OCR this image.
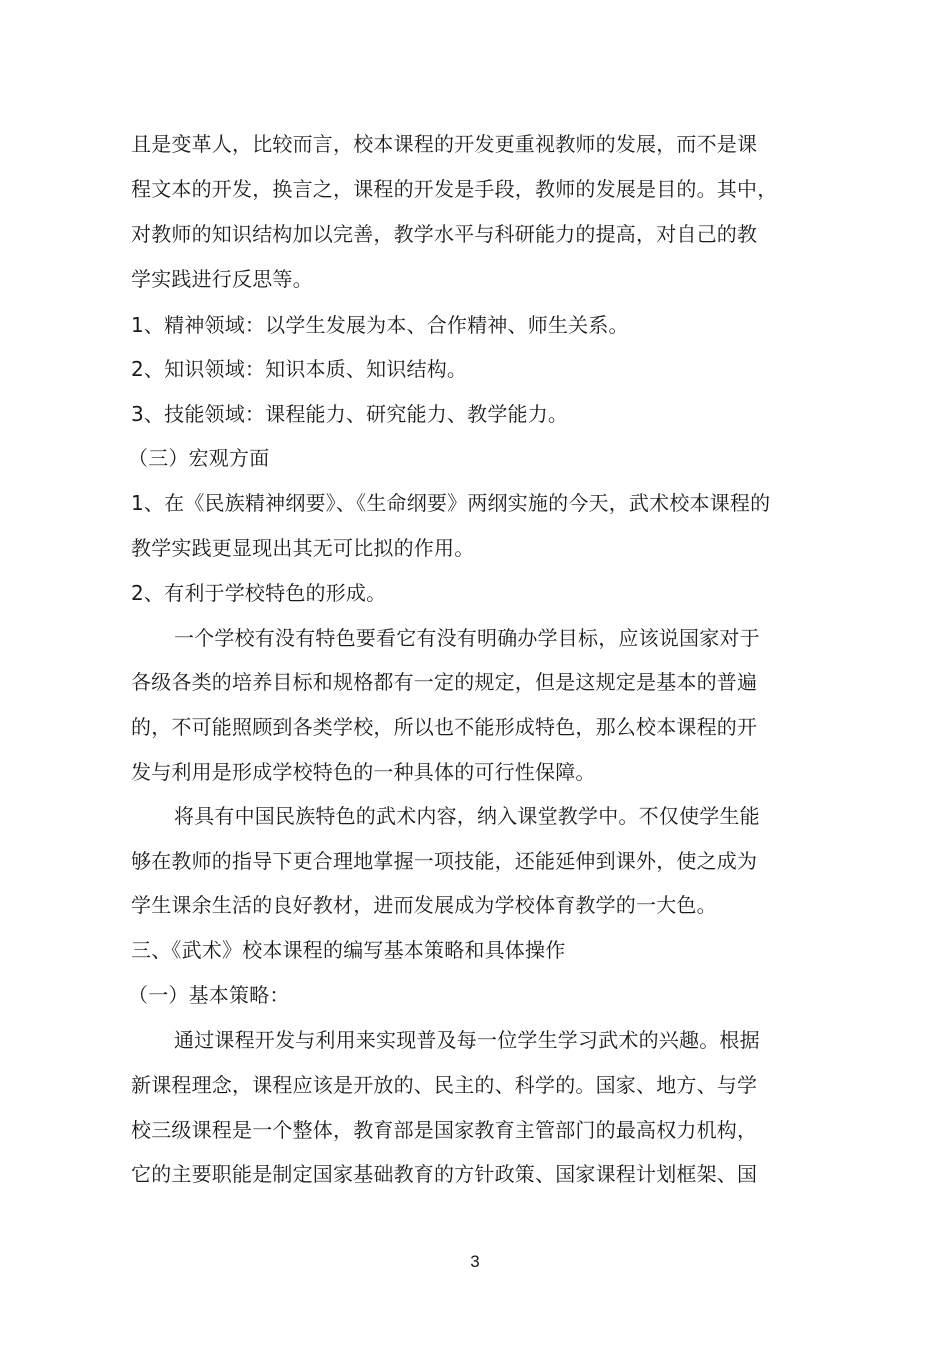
且是变革人，比较而言，校本课程的开发更重视教师的发展，而不是课
程文本的开发，换言之，课程的开发是手段，教师的发展是目的。其中，
对教师的知识结构加以完善，教学水平与科研能力的提高，对自己的教
学实践进行反思等。
1、精神领域：以学生发展为本、合作精神、师生关系。
2、知识领域：知识本质、知识结构。
3、技能领域：课程能力、研究能力、教学能力。
（三）宏观方面
1、在《民族精神纲要》、《生命纲要》两纲实施的今天，武术校本课程的
教学实践更显现出其无可比拟的作用。
2、有利于学校特色的形成。
一个学校有没有特色要看它有没有明确办学目标，应该说国家对于
各级各类的培养目标和规格都有一定的规定，但是这规定是基本的普遍
的，不可能照顾到各类学校，所以也不能形成特色，那么校本课程的开
发与利用是形成学校特色的一种具体的可行性保障。
将具有中国民族特色的武术内容，纳入课堂教学中。不仅使学生能
够在教师的指导下更合理地掌握一项技能，还能延伸到课外，使之成为
学生课余生活的良好教材，进而发展成为学校体育教学的一大色。
三、《武术》校本课程的编写基本策略和具体操作
（一）基本策略：
通过课程开发与利用来实现普及每一位学生学习武术的兴趣。根据
新课程理念，课程应该是开放的、民主的、科学的。国家、地方、与学
校三级课程是一个整体，教育部是国家教育主管部门的最高权力机构，
它的主要职能是制定国家基础教育的方针政策、国家课程计划框架、国
3
